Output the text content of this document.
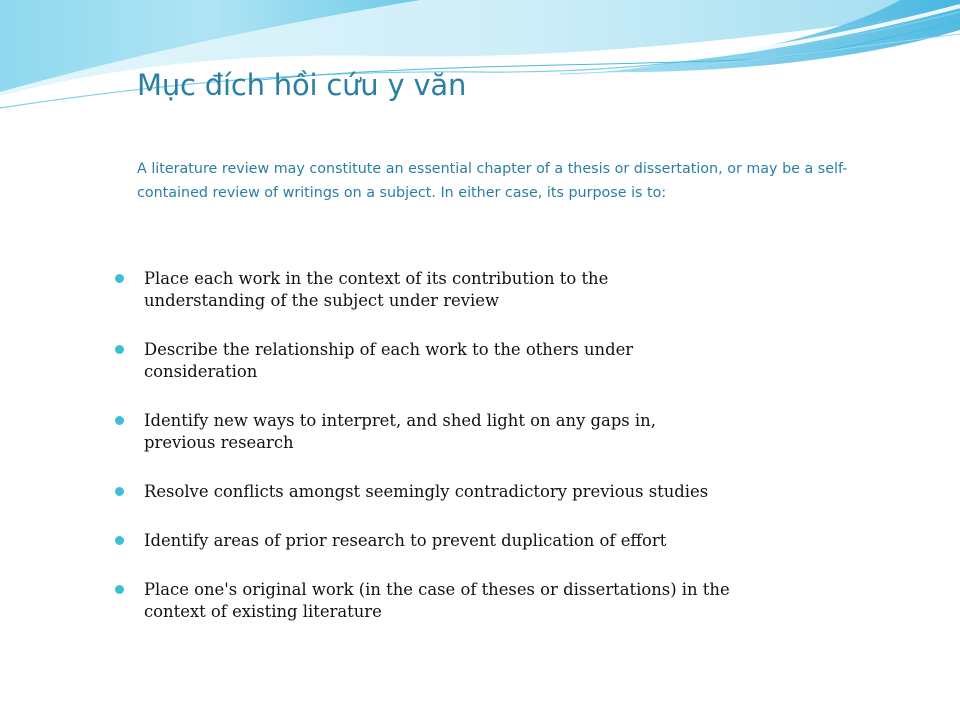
Mục đích hồi cứu y văn

A literature review may constitute an essential chapter of a thesis or dissertation, or may be a self-contained review of writings on a subject. In either case, its purpose is to:

Place each work in the context of its contribution to the understanding of the subject under review
Describe the relationship of each work to the others under consideration
Identify new ways to interpret, and shed light on any gaps in, previous research
Resolve conflicts amongst seemingly contradictory previous studies
Identify areas of prior research to prevent duplication of effort
Place one's original work (in the case of theses or dissertations) in the context of existing literature
